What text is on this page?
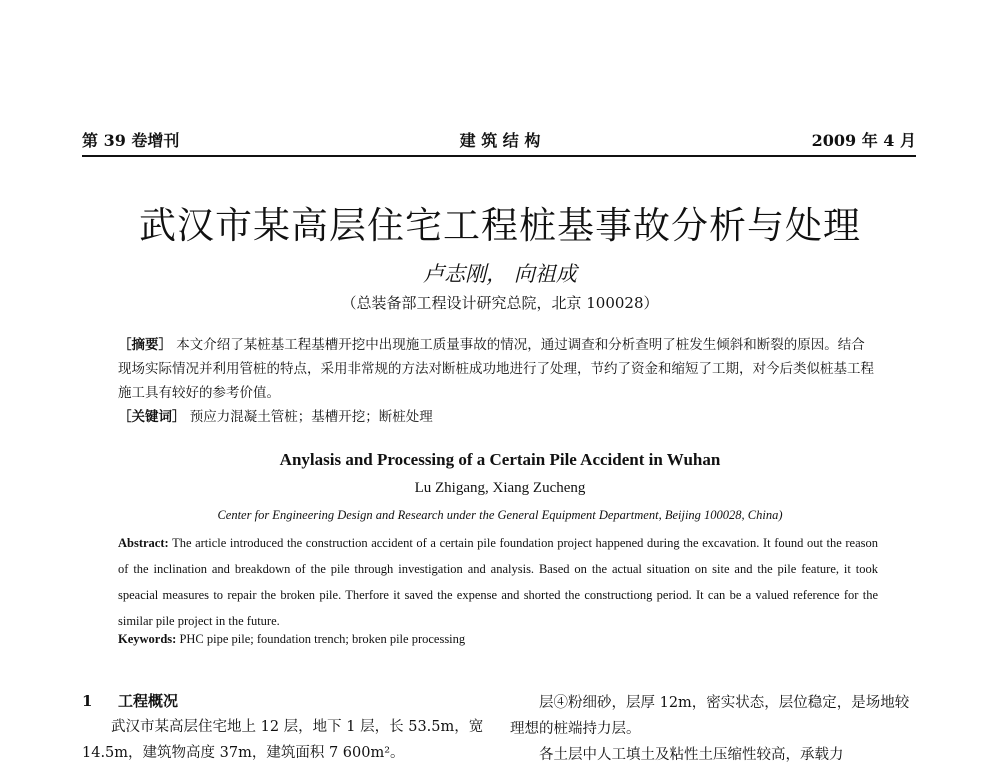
第 39 卷增刊	建 筑 结 构	2009 年 4 月
武汉市某高层住宅工程桩基事故分析与处理
卢志刚， 向祖成
（总装备部工程设计研究总院，北京 100028）
［摘要］ 本文介绍了某桩基工程基槽开挖中出现施工质量事故的情况，通过调查和分析查明了桩发生倾斜和断裂的原因。结合现场实际情况并利用管桩的特点，采用非常规的方法对断桩成功地进行了处理，节约了资金和缩短了工期，对今后类似桩基工程施工具有较好的参考价值。
［关键词］ 预应力混凝土管桩；基槽开挖；断桩处理
Anylasis and Processing of a Certain Pile Accident in Wuhan
Lu Zhigang, Xiang Zucheng
Center for Engineering Design and Research under the General Equipment Department, Beijing 100028, China)
Abstract: The article introduced the construction accident of a certain pile foundation project happened during the excavation. It found out the reason of the inclination and breakdown of the pile through investigation and analysis. Based on the actual situation on site and the pile feature, it took speacial measures to repair the broken pile. Therfore it saved the expense and shorted the constructiong period. It can be a valued reference for the similar pile project in the future.
Keywords: PHC pipe pile; foundation trench; broken pile processing
1 工程概况
武汉市某高层住宅地上 12 层，地下 1 层，长 53.5m，宽 14.5m，建筑物高度 37m，建筑面积 7 600m²。
层④粉细砂，层厚 12m，密实状态，层位稳定，是场地较理想的桩端持力层。
各土层中人工填土及粘性土压缩性较高，承载力
